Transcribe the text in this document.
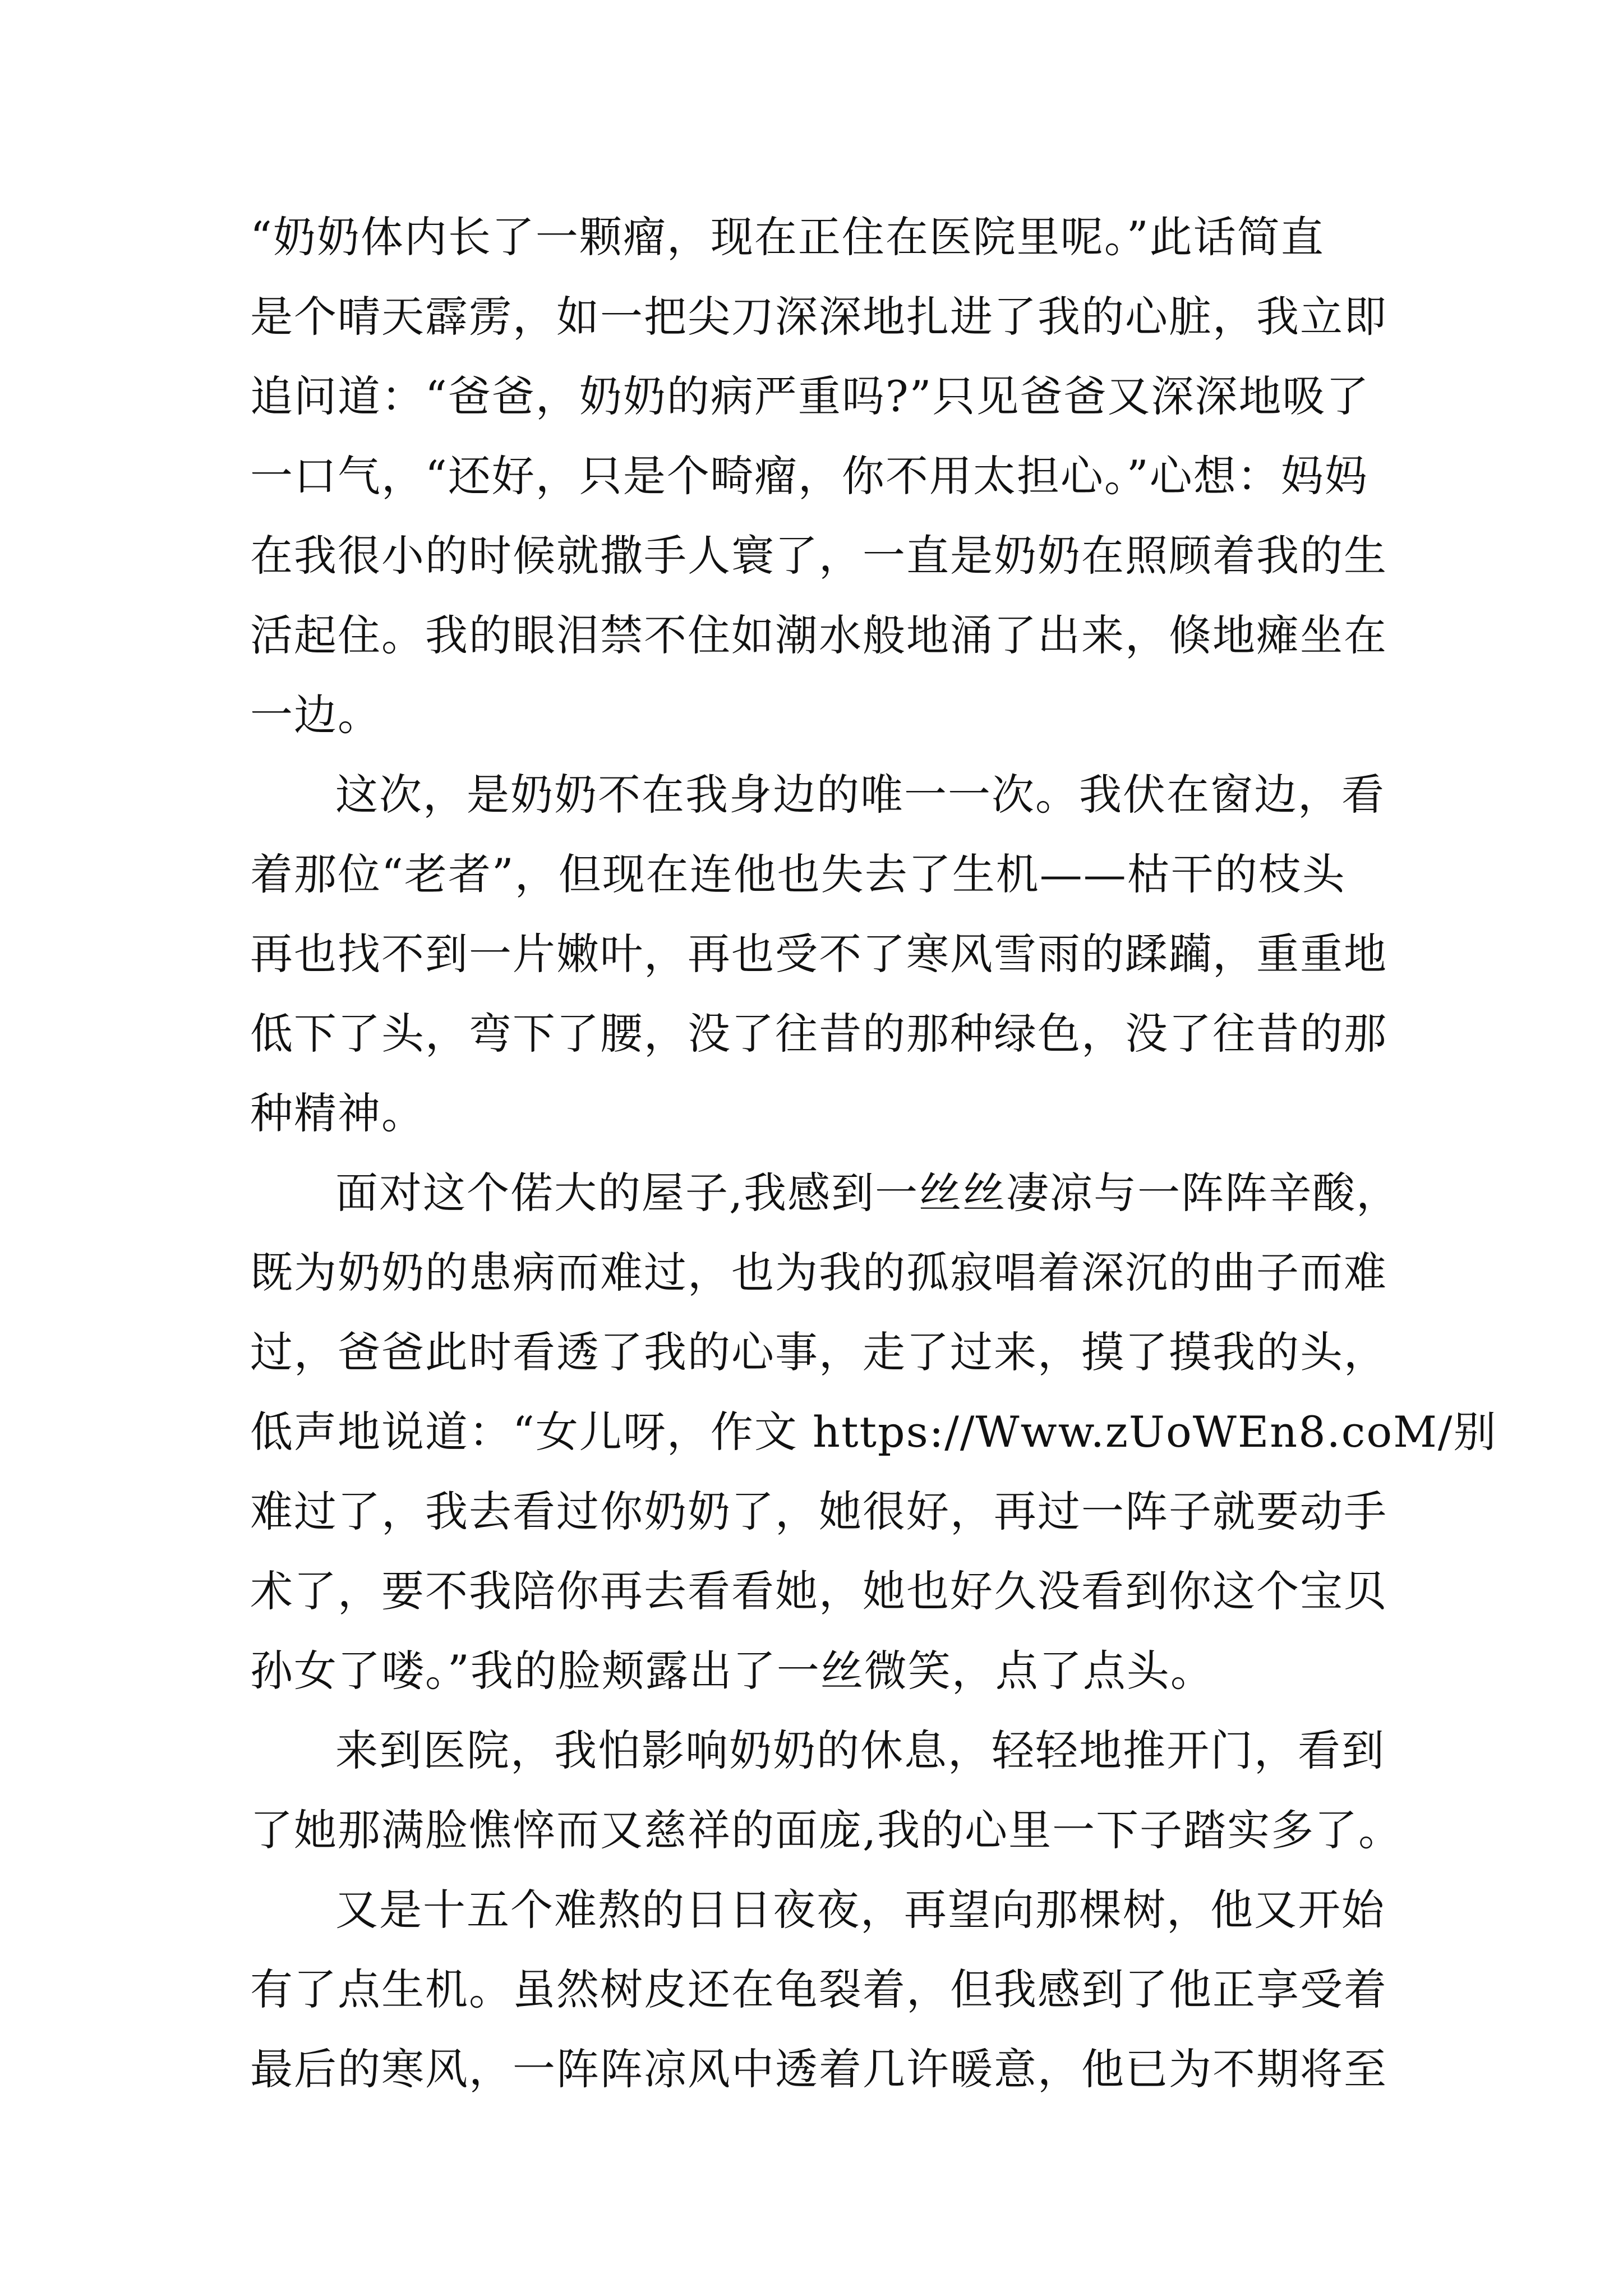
“奶奶体内长了一颗瘤，现在正住在医院里呢。”此话简直
是个晴天霹雳，如一把尖刀深深地扎进了我的心脏，我立即
追问道：“爸爸，奶奶的病严重吗?”只见爸爸又深深地吸了
一口气，“还好，只是个畸瘤，你不用太担心。”心想：妈妈
在我很小的时候就撒手人寰了，一直是奶奶在照顾着我的生
活起住。我的眼泪禁不住如潮水般地涌了出来，倏地瘫坐在
一边。
这次，是奶奶不在我身边的唯一一次。我伏在窗边，看
着那位“老者”，但现在连他也失去了生机——枯干的枝头
再也找不到一片嫩叶，再也受不了寒风雪雨的蹂躏，重重地
低下了头，弯下了腰，没了往昔的那种绿色，没了往昔的那
种精神。
面对这个偌大的屋子,我感到一丝丝凄凉与一阵阵辛酸，
既为奶奶的患病而难过，也为我的孤寂唱着深沉的曲子而难
过，爸爸此时看透了我的心事，走了过来，摸了摸我的头，
低声地说道：“女儿呀，作文 https://Www.zUoWEn8.coM/别
难过了，我去看过你奶奶了，她很好，再过一阵子就要动手
术了，要不我陪你再去看看她，她也好久没看到你这个宝贝
孙女了喽。”我的脸颊露出了一丝微笑，点了点头。
来到医院，我怕影响奶奶的休息，轻轻地推开门，看到
了她那满脸憔悴而又慈祥的面庞,我的心里一下子踏实多了。
又是十五个难熬的日日夜夜，再望向那棵树，他又开始
有了点生机。虽然树皮还在龟裂着，但我感到了他正享受着
最后的寒风，一阵阵凉风中透着几许暖意，他已为不期将至
